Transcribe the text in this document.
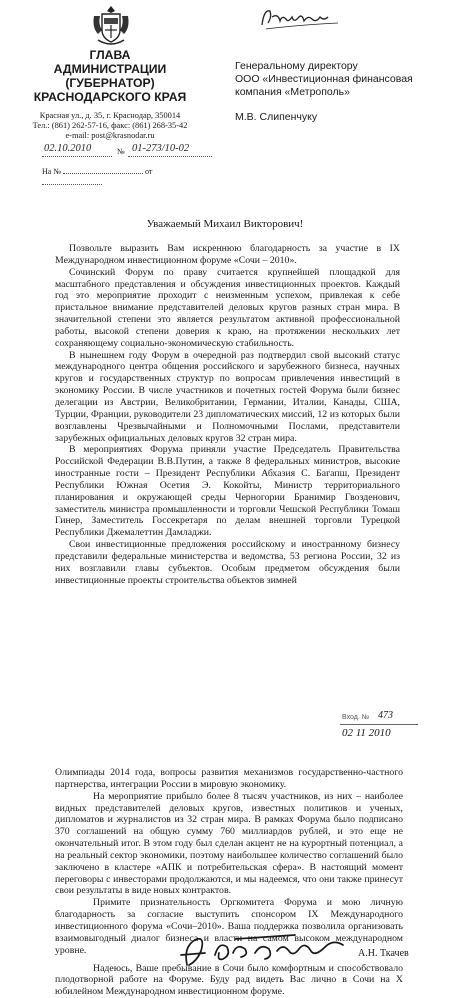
ГЛАВА
АДМИНИСТРАЦИИ
(ГУБЕРНАТОР)
КРАСНОДАРСКОГО КРАЯ
Красная ул., д. 35, г. Краснодар, 350014
Тел.: (861) 262-57-16, факс: (861) 268-35-42
e-mail: post@krasnodar.ru
02.10.2010	№ 01-273/10-02
На №	от
Генеральному директору
ООО «Инвестиционная финансовая
компания «Метрополь»
М.В. Слипенчуку
Уважаемый Михаил Викторович!

Позвольте выразить Вам искреннюю благодарность за участие в IX Международном инвестиционном форуме «Сочи – 2010».

Сочинский Форум по праву считается крупнейшей площадкой для масштабного представления и обсуждения инвестиционных проектов. Каждый год это мероприятие проходит с неизменным успехом, привлекая к себе пристальное внимание представителей деловых кругов разных стран мира. В значительной степени это является результатом активной профессиональной работы, высокой степени доверия к краю, на протяжении нескольких лет сохраняющему социально-экономическую стабильность.

В нынешнем году Форум в очередной раз подтвердил свой высокий статус международного центра общения российского и зарубежного бизнеса, научных кругов и государственных структур по вопросам привлечения инвестиций в экономику России. В числе участников и почетных гостей Форума были бизнес делегации из Австрии, Великобритании, Германии, Италии, Канады, США, Турции, Франции, руководители 23 дипломатических миссий, 12 из которых были возглавлены Чрезвычайными и Полномочными Послами, представители зарубежных официальных деловых кругов 32 стран мира.

В мероприятиях Форума приняли участие Председатель Правительства Российской Федерации В.В.Путин, а также 8 федеральных министров, высокие иностранные гости – Президент Республики Абхазия С. Багапш, Президент Республики Южная Осетия Э. Кокойты, Министр территориального планирования и окружающей среды Черногории Бранимир Гвозденович, заместитель министра промышленности и торговли Чешской Республики Томаш Гинер, Заместитель Госсекретаря по делам внешней торговли Турецкой Республики Джемалеттин Дамладжи.

Свои инвестиционные предложения российскому и иностранному бизнесу представили федеральные министерства и ведомства, 53 региона России, 32 из них возглавили главы субъектов. Особым предметом обсуждения были инвестиционные проекты строительства объектов зимней

Вход. № 473
02 11 2010

Олимпиады 2014 года, вопросы развития механизмов государственно-частного партнерства, интеграции России в мировую экономику.

На мероприятие прибыло более 8 тысяч участников, из них – наиболее видных представителей деловых кругов, известных политиков и ученых, дипломатов и журналистов из 32 стран мира. В рамках Форума было подписано 370 соглашений на общую сумму 760 миллиардов рублей, и это еще не окончательный итог. В этом году был сделан акцент не на курортный потенциал, а на реальный сектор экономики, поэтому наибольшее количество соглашений было заключено в кластере «АПК и потребительская сфера». В настоящий момент переговоры с инвесторами продолжаются, и мы надеемся, что они также принесут свои результаты в виде новых контрактов.

Примите признательность Оргкомитета Форума и мою личную благодарность за согласие выступить спонсором IX Международного инвестиционного форума «Сочи–2010». Ваша поддержка позволила организовать взаимовыгодный диалог бизнеса и власти на самом высоком международном уровне.

Надеюсь, Ваше пребывание в Сочи было комфортным и способствовало плодотворной работе на Форуме. Буду рад видеть Вас лично в Сочи на Х юбилейном Международном инвестиционном форуме.

А.Н. Ткачев
